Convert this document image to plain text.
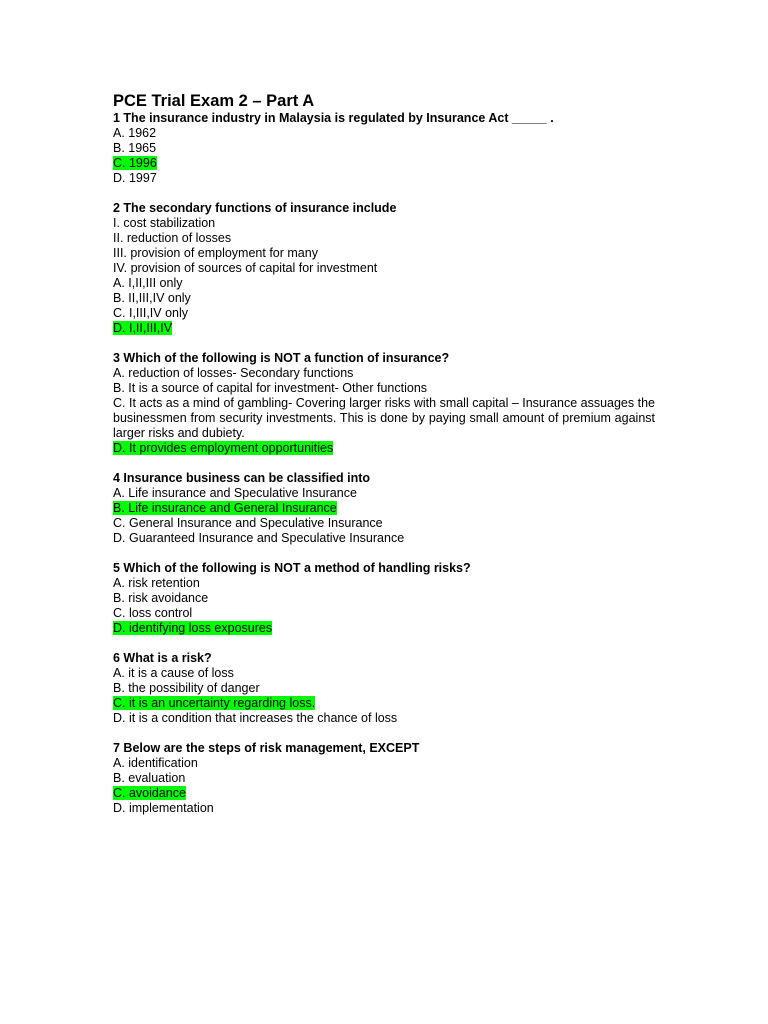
PCE Trial Exam 2 – Part A

1 The insurance industry in Malaysia is regulated by Insurance Act _____ .

A. 1962

B. 1965

C. 1996

D. 1997

2 The secondary functions of insurance include

I. cost stabilization

II. reduction of losses

III. provision of employment for many

IV. provision of sources of capital for investment

A. I,II,III only

B. II,III,IV only

C. I,III,IV only

D. I,II,III,IV

3 Which of the following is NOT a function of insurance?

A. reduction of losses- Secondary functions

B. It is a source of capital for investment- Other functions

C. It acts as a mind of gambling- Covering larger risks with small capital – Insurance assuages the businessmen from security investments. This is done by paying small amount of premium against larger risks and dubiety.

D. It provides employment opportunities

4 Insurance business can be classified into

A. Life insurance and Speculative Insurance

B. Life insurance and General Insurance

C. General Insurance and Speculative Insurance

D. Guaranteed Insurance and Speculative Insurance

5 Which of the following is NOT a method of handling risks?

A. risk retention

B. risk avoidance

C. loss control

D. identifying loss exposures

6 What is a risk?

A. it is a cause of loss

B. the possibility of danger

C. it is an uncertainty regarding loss.

D. it is a condition that increases the chance of loss

7 Below are the steps of risk management, EXCEPT

A. identification

B. evaluation

C. avoidance

D. implementation
